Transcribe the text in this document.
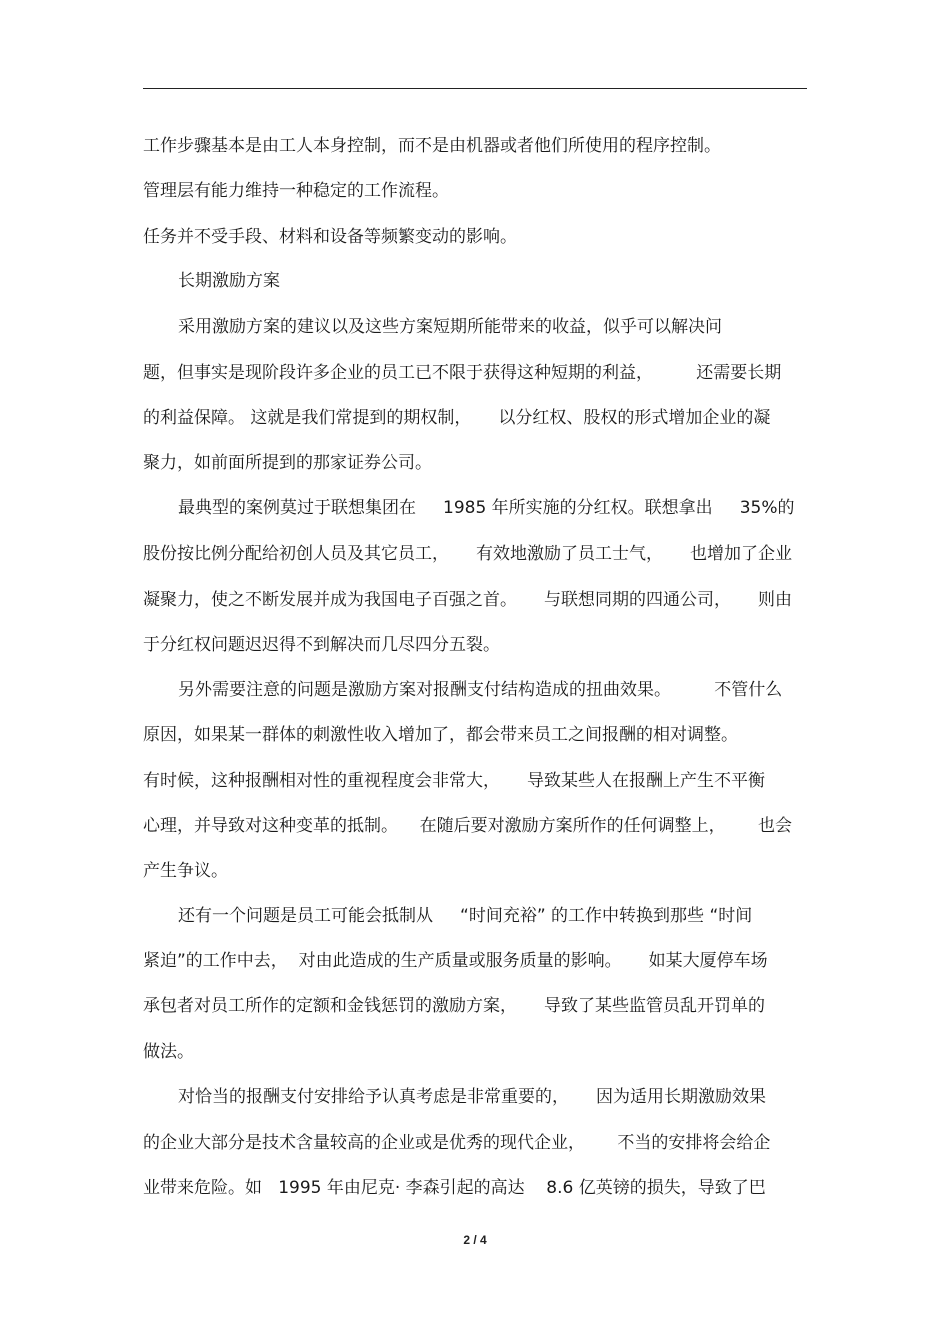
工作步骤基本是由工人本身控制，而不是由机器或者他们所使用的程序控制。
管理层有能力维持一种稳定的工作流程。
任务并不受手段、材料和设备等频繁变动的影响。
长期激励方案
采用激励方案的建议以及这些方案短期所能带来的收益，似乎可以解决问
题，但事实是现阶段许多企业的员工已不限于获得这种短期的利益，        还需要长期
的利益保障。 这就是我们常提到的期权制，     以分红权、股权的形式增加企业的凝
聚力，如前面所提到的那家证券公司。
最典型的案例莫过于联想集团在     1985 年所实施的分红权。联想拿出     35%的
股份按比例分配给初创人员及其它员工，     有效地激励了员工士气，     也增加了企业
凝聚力，使之不断发展并成为我国电子百强之首。     与联想同期的四通公司，     则由
于分红权问题迟迟得不到解决而几尽四分五裂。
另外需要注意的问题是激励方案对报酬支付结构造成的扭曲效果。        不管什么
原因，如果某一群体的刺激性收入增加了，都会带来员工之间报酬的相对调整。
有时候，这种报酬相对性的重视程度会非常大，     导致某些人在报酬上产生不平衡
心理，并导致对这种变革的抵制。    在随后要对激励方案所作的任何调整上，      也会
产生争议。
还有一个问题是员工可能会抵制从     “时间充裕” 的工作中转换到那些 “时间
紧迫”的工作中去，  对由此造成的生产质量或服务质量的影响。     如某大厦停车场
承包者对员工所作的定额和金钱惩罚的激励方案，     导致了某些监管员乱开罚单的
做法。
对恰当的报酬支付安排给予认真考虑是非常重要的，     因为适用长期激励效果
的企业大部分是技术含量较高的企业或是优秀的现代企业，      不当的安排将会给企
业带来危险。如   1995 年由尼克· 李森引起的高达    8.6 亿英镑的损失，导致了巴
2 / 4
